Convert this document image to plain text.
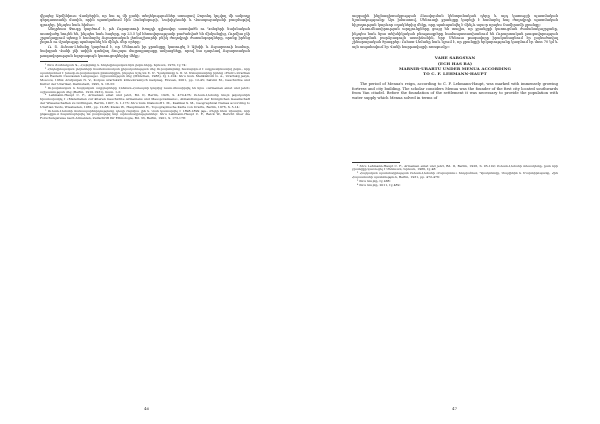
վկայեց Արմինիուս Վամբերին, որ նա ոչ մի քանի տեղեկություններ ստացավ Զորոնդ կոչվող մի ամբողջ գերդաստանի մասին, որին պատկանում էին Զանգեզուրի, Նախիջևանի և Վասպուրականի բազմաթիվ գյուղեր, ինչպես նաև հիմա»:

Անդրեաս Փուգը կարծում է, թե Ուրարտուի Խալդի գլխավոր աստվածն ու Կոնգերի նախնական աստվածը նույնն են, ինչպես նաև հայերը, որ 23.5 կմ հեռավորությամբ բաժանված են միմյանցից, Ուրմիա լճի շրջակայքում պետք է համարել Ուրարտական լեռնաշխարհի բնիկ ժողովրդի ժառանգորդները, որոնք իրենց լեզուն ու մշակույթը պահպանել են մինչև մեր օրերը:

Ռ. Շ. Ուեստ-Լեմանը կարծում է, որ Մենուան իր ջրանցքը կառուցել է Ալեփի և Ուրարտուի համար, նախքան Վանի լճի ափին գտնվող Տուշպա մայրաքաղաքը ամրացնելը, որով նա դարձավ Ուրարտական թագավորության հզորագույն կառուցողներից մեկը:

¹ Տե՛ս Ճահուկյան Գ., Հայերենը և հնդեվրոպական հին լեզուները, Երևան, 1970, էջ 74:

² Հնդեվրոպական լեզուների համեմատական քերականության մեջ Ուրարտերենը համարվում է ագլյուտինատիվ լեզու, որը պատկանում է խուռի-ուրարտական ընտանիքին, ինչպես նշել են Ի. Մ. Դյակոնովը և Ս. Ա. Ստարոստինը իրենց «Hurro-Urartian as an Eastern Caucasian Language» աշխատության մեջ (München, 1986), էջ 1-104: Տե՛ս նաև Melikishvili G. A., Urartskij jazyk, Moscow, 1964; Arutjunjan N. V., Korpus urartskich klinoobraznych nadpisej, Erevan, 2001, pp. 12-45; Salvini M., Geschichte und Kultur der Urartäer, Darmstadt, 1995, S. 18-33:

³ Ուրարտական և հայկական աղբյուրները Լեհման-Հաուպտի կողմից ուսումնասիրվել են նրա «Armenien einst und jetzt» աշխատության մեջ (Berlin, 1910-1931), հատ. 1-2:

⁴ Lehmann-Haupt C. F., Armenien einst und jetzt, Bd. II, Berlin, 1926, S. 470-476; Ուեստ-Լեմանը նույն թվականին հրատարակել է «Materialien zur älteren Geschichte Armeniens und Mesopotamiens», Abhandlungen der Königlichen Gesellschaft der Wissenschaften zu Göttingen, Berlin, 1907, S. 1-173: Տե՛ս նաև Diakonoff I. M., Kashkai S. M., Geographical Names according to Urartian Texts, Wiesbaden, 1981, pp. 12-88; Kleiss W., Hauptmann H., Topographische Karte von Urartu, Berlin, 1976, S. 5-14:

⁵ Ուեստ-Լեմանի ճանապարհորդությունը դեպի Ուրմիա լիճ և Վան կատարվել է 1898-1899 թթ., Բելկի հետ միասին, որի ընթացքում հայտնաբերվել են բազմաթիվ նոր արձանագրություններ: Տե՛ս Lehmann-Haupt C. F., Belck W., Bericht über die Forschungsreise nach Armenien, Zeitschrift für Ethnologie, Bd. 33, Berlin, 1901, S. 173-178:

46

ազգային ինքնագիտակցության ձևավորման կենտրոնական դերը և այդ կառույցի պատմական նշանակությունը: Այս իմաստով, Մենուայի ջրանցքը կարելի է համարել հայ ժողովրդի պատմական հիշողության կարևոր օղակներից մեկը, որը պահպանվել է մինչև այսօր որպես Շամիրամի ջրանցք:

Ուսումնասիրության արդյունքները ցույց են տալիս, որ ջրանցքի կառուցման ժամանակաշրջանը, ինչպես նաև նրա տեխնիկական բնութագրերը համապատասխանում են Ուրարտական թագավորության զարգացման բարձրագույն աստիճանին, երբ Մենուա թագավորը իրականացնում էր լայնածավալ շինարարական ծրագրեր: Ուեստ-Լեմանը նաև նշում է, որ ջրանցքի երկարությունը կազմում էր մոտ 70 կմ և այն ապահովում էր Վանի հարթավայրի ոռոգումը»:

VAHE SARGSYAN

(ЕСН НАS RA)

MARNIR-URARTU UNDER MENUA ACCORDING

TO C. F. LEHMANN-HAUPT

The period of Menua's reign, according to C. F. Lehmann-Haupt, was marked with immensely growing fortress and city building. The scholar considers Menua was the founder of the first city located southwards from Van citadel. Before the foundation of the settlement it was necessary to provide the population with water supply which Menua solved in terms of

¹ Տե՛ս Lehmann-Haupt C. F., Armenien einst und jetzt, Bd. II, Berlin, 1926, S. 95-102; Ուեստ-Լեմանի տեսակետը, ըստ որի ջրանցքը կառուցել է Մենուան, Երևան, 1986, էջ 48:

² Հայկական պատմագրության Ուեստ-Լեմանի «Ուրարտու» հոդվածում, Դիակոնովը, Սալվինին և Մարտիրոսյանը, Հին Հայաստանի պատմություն, Berlin, 1931, pp. 472-476:

³ Տե՛ս նույնը, էջ 488:

⁴ Տե՛ս նույնը, 2011, էջ 489:

47
